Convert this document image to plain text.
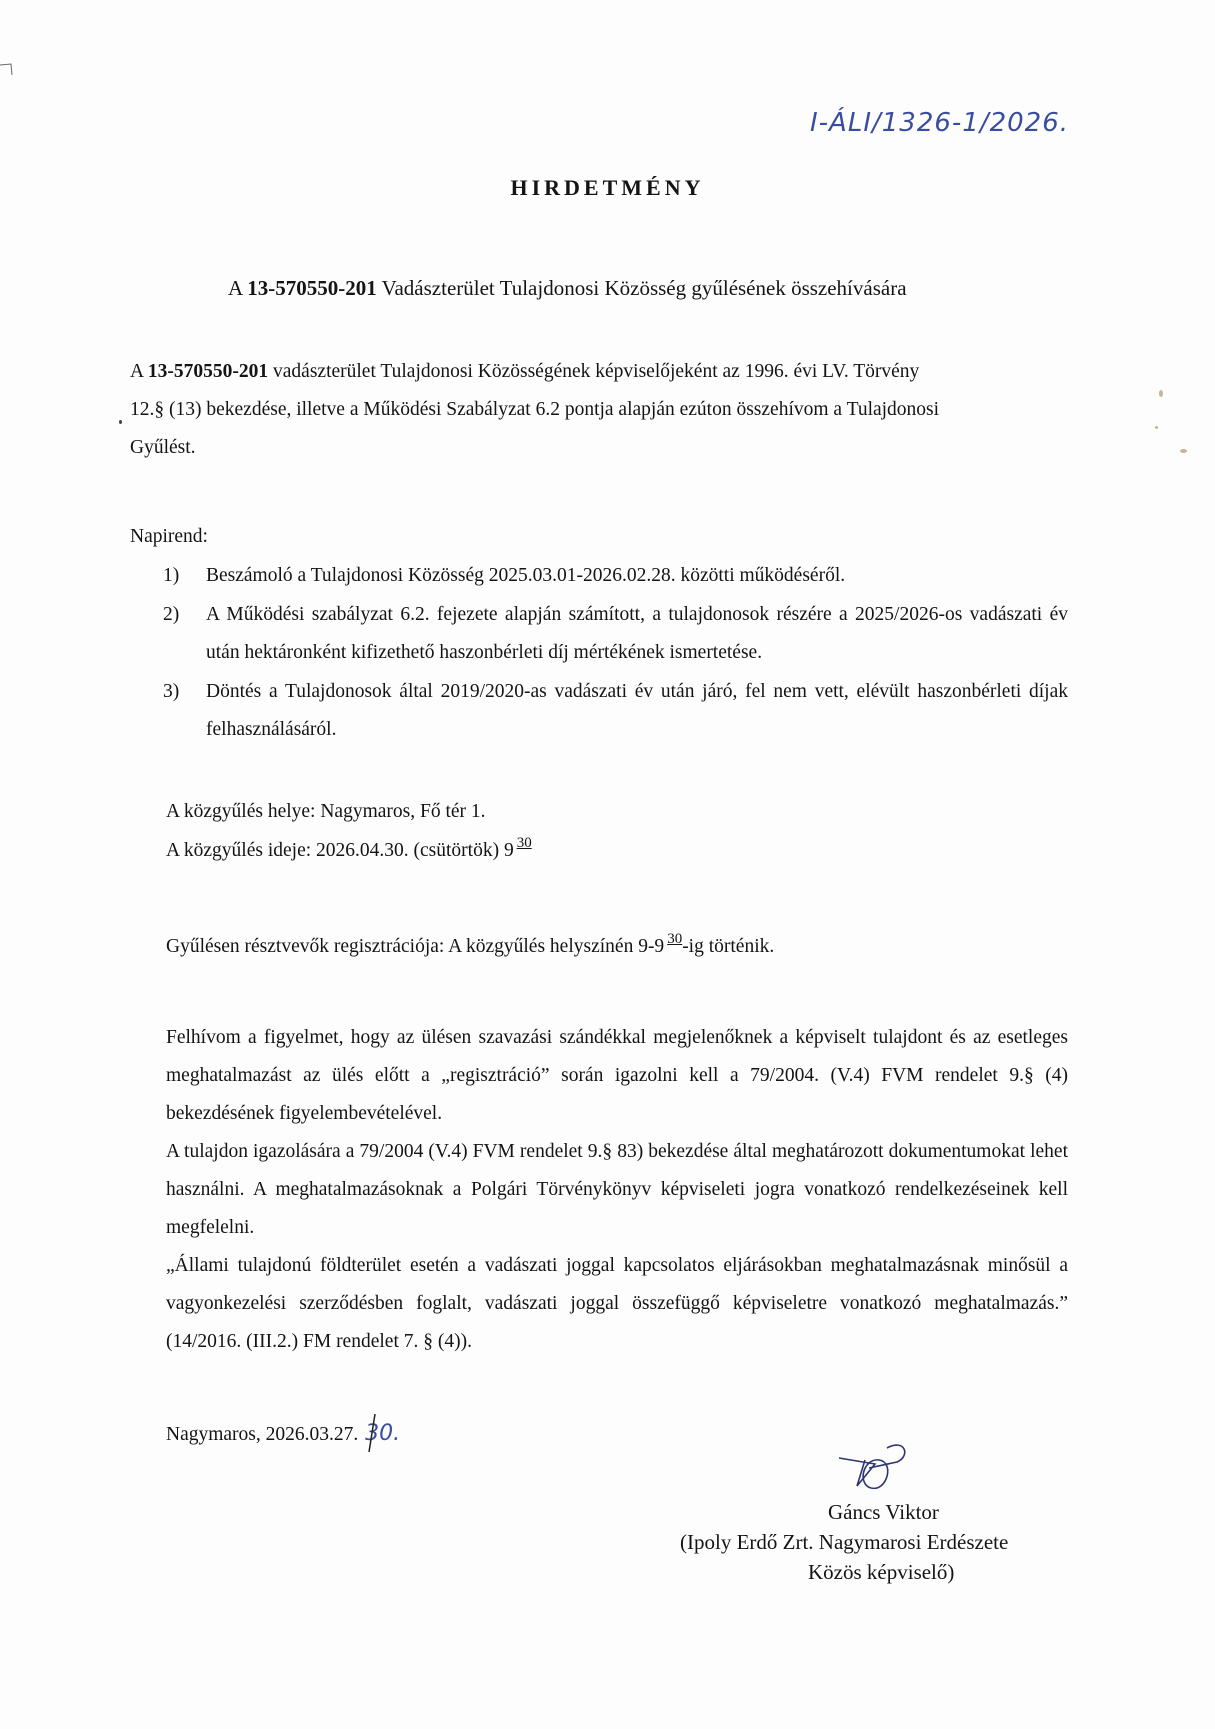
I-ÁLI/1326-1/2026.
HIRDETMÉNY
A 13-570550-201 Vadászterület Tulajdonosi Közösség gyűlésének összehívására
A 13-570550-201 vadászterület Tulajdonosi Közösségének képviselőjeként az 1996. évi LV. Törvény
12.§ (13) bekezdése, illetve a Működési Szabályzat 6.2 pontja alapján ezúton összehívom a Tulajdonosi
Gyűlést.
Napirend:
1) Beszámoló a Tulajdonosi Közösség 2025.03.01-2026.02.28. közötti működéséről.
2) A Működési szabályzat 6.2. fejezete alapján számított, a tulajdonosok részére a 2025/2026-os vadászati év után hektáronként kifizethető haszonbérleti díj mértékének ismertetése.
3) Döntés a Tulajdonosok által 2019/2020-as vadászati év után járó, fel nem vett, elévült haszonbérleti díjak felhasználásáról.
A közgyűlés helye: Nagymaros, Fő tér 1.
A közgyűlés ideje: 2026.04.30. (csütörtök) 9 $^{30}$
Gyűlésen résztvevők regisztrációja: A közgyűlés helyszínén 9-9 $^{30}$-ig történik.
Felhívom a figyelmet, hogy az ülésen szavazási szándékkal megjelenőknek a képviselt tulajdont és az esetleges meghatalmazást az ülés előtt a „regisztráció” során igazolni kell a 79/2004. (V.4) FVM rendelet 9.§ (4) bekezdésének figyelembevételével.
A tulajdon igazolására a 79/2004 (V.4) FVM rendelet 9.§ 83) bekezdése által meghatározott dokumentumokat lehet használni. A meghatalmazásoknak a Polgári Törvénykönyv képviseleti jogra vonatkozó rendelkezéseinek kell megfelelni.
„Állami tulajdonú földterület esetén a vadászati joggal kapcsolatos eljárásokban meghatalmazásnak minősül a vagyonkezelési szerződésben foglalt, vadászati joggal összefüggő képviseletre vonatkozó meghatalmazás.” (14/2016. (III.2.) FM rendelet 7. § (4)).
Nagymaros, 2026.03.27. 30.
Gáncs Viktor
(Ipoly Erdő Zrt. Nagymarosi Erdészete
Közös képviselő)
